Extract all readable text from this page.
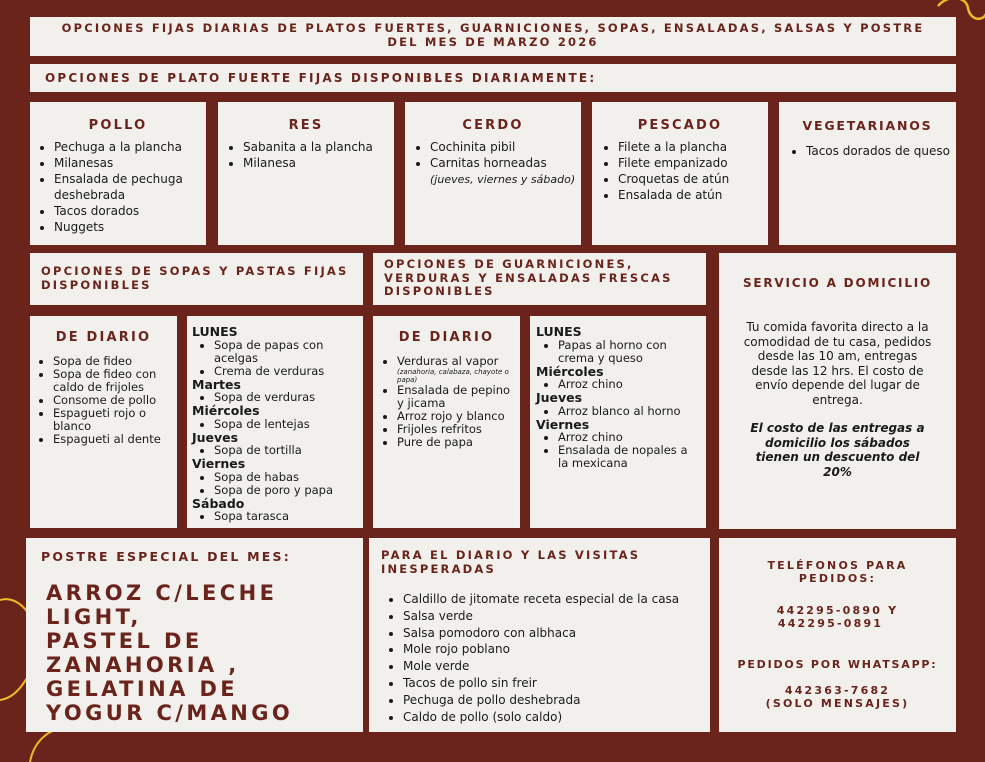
OPCIONES FIJAS DIARIAS DE PLATOS FUERTES, GUARNICIONES, SOPAS, ENSALADAS, SALSAS Y POSTRE DEL MES DE MARZO 2026
OPCIONES DE PLATO FUERTE FIJAS DISPONIBLES DIARIAMENTE:
POLLO
• Pechuga a la plancha
• Milanesas
• Ensalada de pechuga deshebrada
• Tacos dorados
• Nuggets
RES
• Sabanita a la plancha
• Milanesa
CERDO
• Cochinita pibil
• Carnitas horneadas
(jueves, viernes y sábado)
PESCADO
• Filete a la plancha
• Filete empanizado
• Croquetas de atún
• Ensalada de atún
VEGETARIANOS
• Tacos dorados de queso
OPCIONES DE SOPAS Y PASTAS FIJAS DISPONIBLES
OPCIONES DE GUARNICIONES, VERDURAS Y ENSALADAS FRESCAS DISPONIBLES
SERVICIO A DOMICILIO
Tu comida favorita directo a la comodidad de tu casa, pedidos desde las 10 am, entregas desde las 12 hrs. El costo de envío depende del lugar de entrega.
El costo de las entregas a domicilio los sábados tienen un descuento del 20%
DE DIARIO
• Sopa de fideo
• Sopa de fideo con caldo de frijoles
• Consome de pollo
• Espagueti rojo o blanco
• Espagueti al dente
LUNES
• Sopa de papas con acelgas
• Crema de verduras
Martes
• Sopa de verduras
Miércoles
• Sopa de lentejas
Jueves
• Sopa de tortilla
Viernes
• Sopa de habas
• Sopa de poro y papa
Sábado
• Sopa tarasca
DE DIARIO
• Verduras al vapor
(zanahoria, calabaza, chayote o papa)
• Ensalada de pepino y jicama
• Arroz rojo y blanco
• Frijoles refritos
• Pure de papa
LUNES
• Papas al horno con crema y queso
Miércoles
• Arroz chino
Jueves
• Arroz blanco al horno
Viernes
• Arroz chino
• Ensalada de nopales a la mexicana
POSTRE ESPECIAL DEL MES:
ARROZ C/LECHE
LIGHT,
PASTEL DE
ZANAHORIA ,
GELATINA DE
YOGUR C/MANGO
PARA EL DIARIO Y LAS VISITAS INESPERADAS
• Caldillo de jitomate receta especial de la casa
• Salsa verde
• Salsa pomodoro con albhaca
• Mole rojo poblano
• Mole verde
• Tacos de pollo sin freir
• Pechuga de pollo deshebrada
• Caldo de pollo (solo caldo)
TELÉFONOS PARA PEDIDOS:
442295-0890 Y
442295-0891
PEDIDOS POR WHATSAPP:
442363-7682
(SOLO MENSAJES)
